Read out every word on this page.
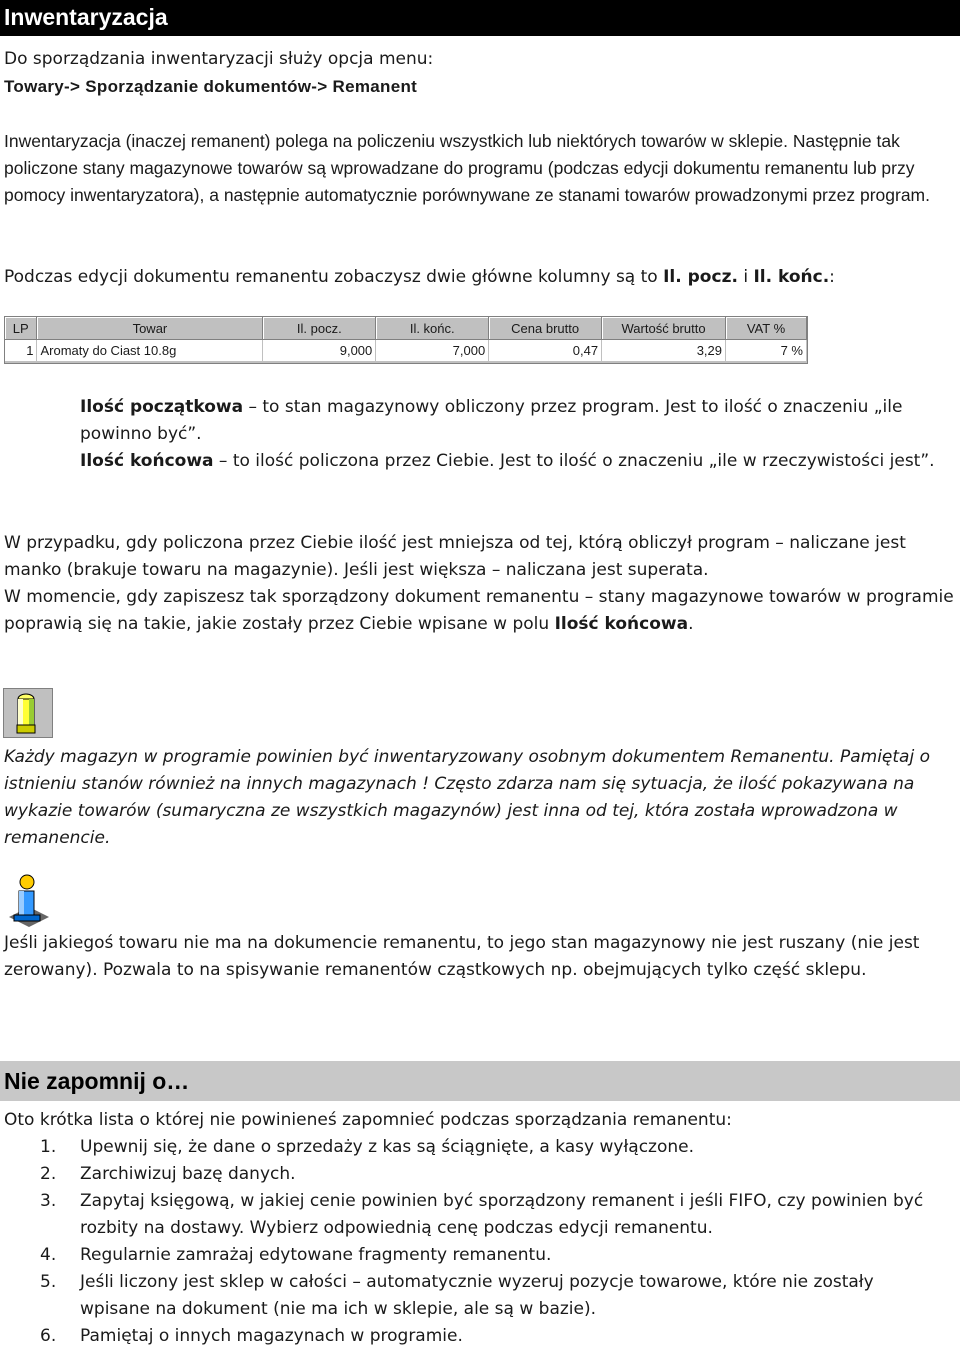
Inwentaryzacja

Do sporządzania inwentaryzacji służy opcja menu:

Towary-> Sporządzanie dokumentów-> Remanent

Inwentaryzacja (inaczej remanent) polega na policzeniu wszystkich lub niektórych towarów w sklepie. Następnie tak policzone stany magazynowe towarów są wprowadzane do programu (podczas edycji dokumentu remanentu lub przy pomocy inwentaryzatora), a następnie automatycznie porównywane ze stanami towarów prowadzonymi przez program.

Podczas edycji dokumentu remanentu zobaczysz dwie główne kolumny są to Il. pocz. i Il. końc.:

LP	Towar	Il. pocz.	Il. końc.	Cena brutto	Wartość brutto	VAT %
1	Aromaty do Ciast 10.8g	9,000	7,000	0,47	3,29	7 %

Ilość początkowa – to stan magazynowy obliczony przez program. Jest to ilość o znaczeniu „ile powinno być”.

Ilość końcowa – to ilość policzona przez Ciebie. Jest to ilość o znaczeniu „ile w rzeczywistości jest”.

W przypadku, gdy policzona przez Ciebie ilość jest mniejsza od tej, którą obliczył program – naliczane jest manko (brakuje towaru na magazynie). Jeśli jest większa – naliczana jest superata.

W momencie, gdy zapiszesz tak sporządzony dokument remanentu – stany magazynowe towarów w programie poprawią się na takie, jakie zostały przez Ciebie wpisane w polu Ilość końcowa.

Każdy magazyn w programie powinien być inwentaryzowany osobnym dokumentem Remanentu. Pamiętaj o istnieniu stanów również na innych magazynach ! Często zdarza nam się sytuacja, że ilość pokazywana na wykazie towarów (sumaryczna ze wszystkich magazynów) jest inna od tej, która została wprowadzona w remanencie.

Jeśli jakiegoś towaru nie ma na dokumencie remanentu, to jego stan magazynowy nie jest ruszany (nie jest zerowany). Pozwala to na spisywanie remanentów cząstkowych np. obejmujących tylko część sklepu.

Nie zapomnij o…

Oto krótka lista o której nie powinieneś zapomnieć podczas sporządzania remanentu:

1. Upewnij się, że dane o sprzedaży z kas są ściągnięte, a kasy wyłączone.
2. Zarchiwizuj bazę danych.
3. Zapytaj księgową, w jakiej cenie powinien być sporządzony remanent i jeśli FIFO, czy powinien być rozbity na dostawy. Wybierz odpowiednią cenę podczas edycji remanentu.
4. Regularnie zamrażaj edytowane fragmenty remanentu.
5. Jeśli liczony jest sklep w całości – automatycznie wyzeruj pozycje towarowe, które nie zostały wpisane na dokument (nie ma ich w sklepie, ale są w bazie).
6. Pamiętaj o innych magazynach w programie.
